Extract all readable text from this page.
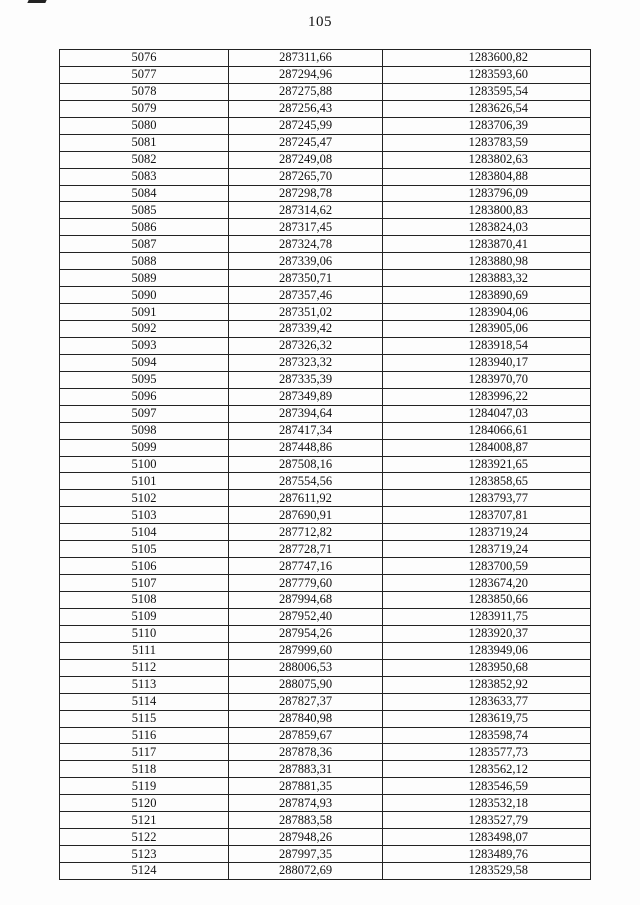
105
5076	287311,66	1283600,82
5077	287294,96	1283593,60
5078	287275,88	1283595,54
5079	287256,43	1283626,54
5080	287245,99	1283706,39
5081	287245,47	1283783,59
5082	287249,08	1283802,63
5083	287265,70	1283804,88
5084	287298,78	1283796,09
5085	287314,62	1283800,83
5086	287317,45	1283824,03
5087	287324,78	1283870,41
5088	287339,06	1283880,98
5089	287350,71	1283883,32
5090	287357,46	1283890,69
5091	287351,02	1283904,06
5092	287339,42	1283905,06
5093	287326,32	1283918,54
5094	287323,32	1283940,17
5095	287335,39	1283970,70
5096	287349,89	1283996,22
5097	287394,64	1284047,03
5098	287417,34	1284066,61
5099	287448,86	1284008,87
5100	287508,16	1283921,65
5101	287554,56	1283858,65
5102	287611,92	1283793,77
5103	287690,91	1283707,81
5104	287712,82	1283719,24
5105	287728,71	1283719,24
5106	287747,16	1283700,59
5107	287779,60	1283674,20
5108	287994,68	1283850,66
5109	287952,40	1283911,75
5110	287954,26	1283920,37
5111	287999,60	1283949,06
5112	288006,53	1283950,68
5113	288075,90	1283852,92
5114	287827,37	1283633,77
5115	287840,98	1283619,75
5116	287859,67	1283598,74
5117	287878,36	1283577,73
5118	287883,31	1283562,12
5119	287881,35	1283546,59
5120	287874,93	1283532,18
5121	287883,58	1283527,79
5122	287948,26	1283498,07
5123	287997,35	1283489,76
5124	288072,69	1283529,58
